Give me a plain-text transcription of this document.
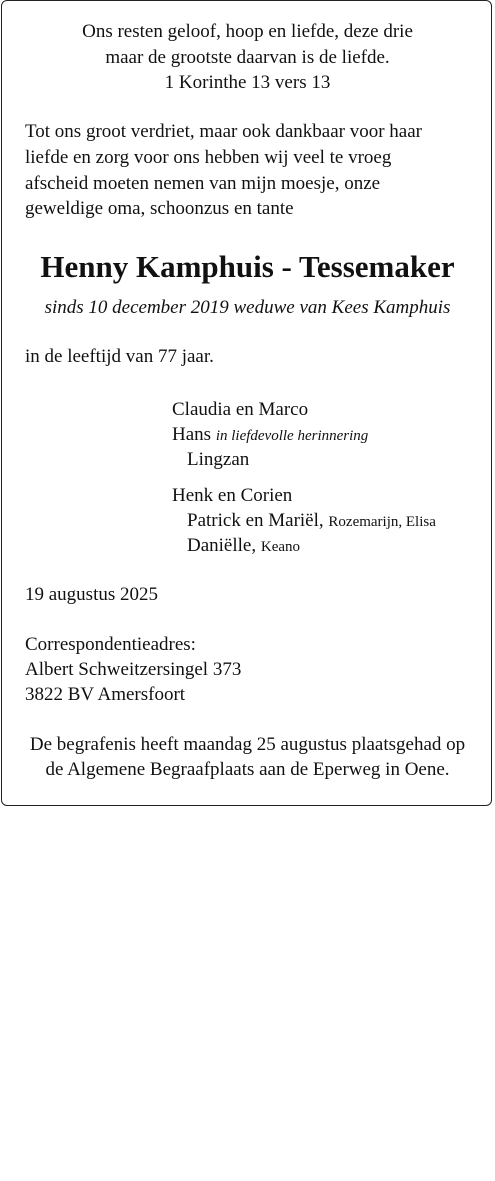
Ons resten geloof, hoop en liefde, deze drie
maar de grootste daarvan is de liefde.
1 Korinthe 13 vers 13
Tot ons groot verdriet, maar ook dankbaar voor haar
liefde en zorg voor ons hebben wij veel te vroeg
afscheid moeten nemen van mijn moesje, onze
geweldige oma, schoonzus en tante
Henny Kamphuis - Tessemaker
sinds 10 december 2019 weduwe van Kees Kamphuis
in de leeftijd van 77 jaar.
Claudia en Marco
Hans in liefdevolle herinnering
Lingzan
Henk en Corien
Patrick en Mariël, Rozemarijn, Elisa
Daniëlle, Keano
19 augustus 2025
Correspondentieadres:
Albert Schweitzersingel 373
3822 BV Amersfoort
De begrafenis heeft maandag 25 augustus plaatsgehad op
de Algemene Begraafplaats aan de Eperweg in Oene.
